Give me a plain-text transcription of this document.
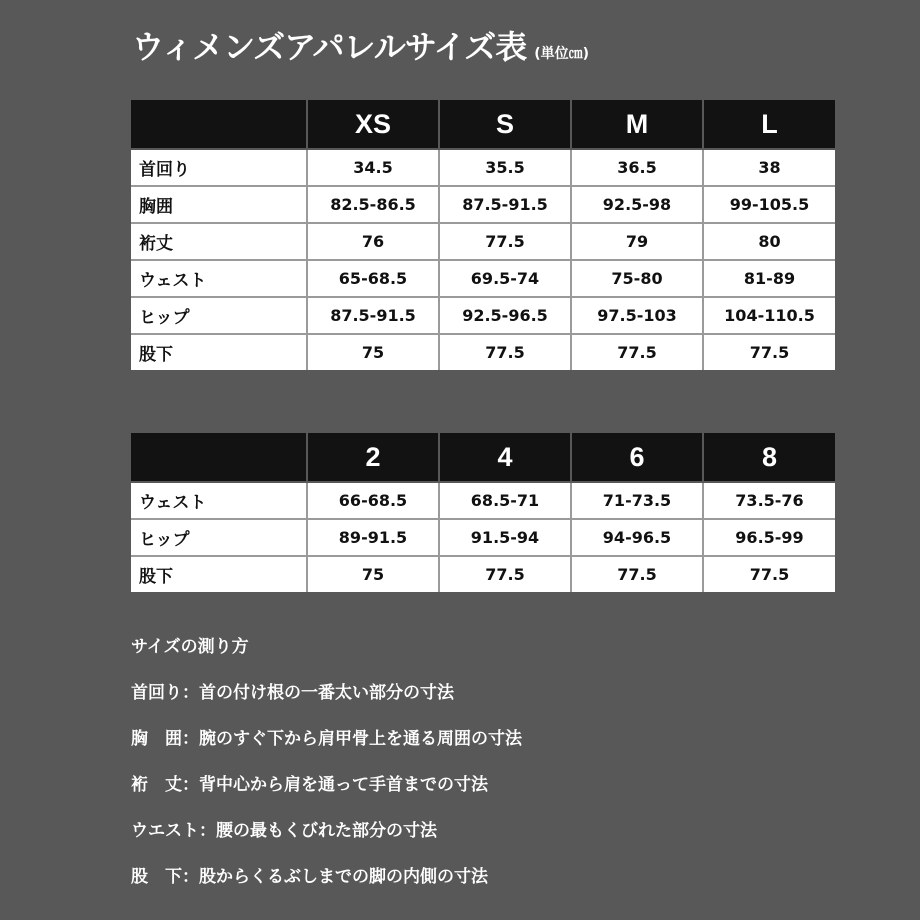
ウィメンズアパレルサイズ表 (単位㎝)
	XS	S	M	L
首回り	34.5	35.5	36.5	38
胸囲	82.5-86.5	87.5-91.5	92.5-98	99-105.5
裄丈	76	77.5	79	80
ウェスト	65-68.5	69.5-74	75-80	81-89
ヒップ	87.5-91.5	92.5-96.5	97.5-103	104-110.5
股下	75	77.5	77.5	77.5
	2	4	6	8
ウェスト	66-68.5	68.5-71	71-73.5	73.5-76
ヒップ	89-91.5	91.5-94	94-96.5	96.5-99
股下	75	77.5	77.5	77.5
サイズの測り方
首回り：首の付け根の一番太い部分の寸法
胸　囲：腕のすぐ下から肩甲骨上を通る周囲の寸法
裄　丈：背中心から肩を通って手首までの寸法
ウエスト：腰の最もくびれた部分の寸法
股　下：股からくるぶしまでの脚の内側の寸法
